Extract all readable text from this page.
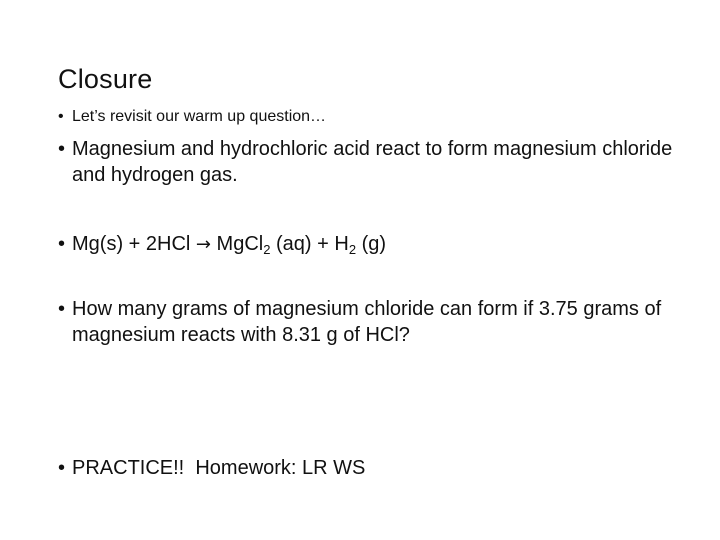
Closure
• Let’s revisit our warm up question…
• Magnesium and hydrochloric acid react to form magnesium chloride and hydrogen gas.
• Mg(s) + 2HCl → MgCl$_2$ $(aq) + H_2$ (g)
• How many grams of magnesium chloride can form if 3.75 grams of magnesium reacts with 8.31 g of HCl?
• PRACTICE!!  Homework: LR WS
